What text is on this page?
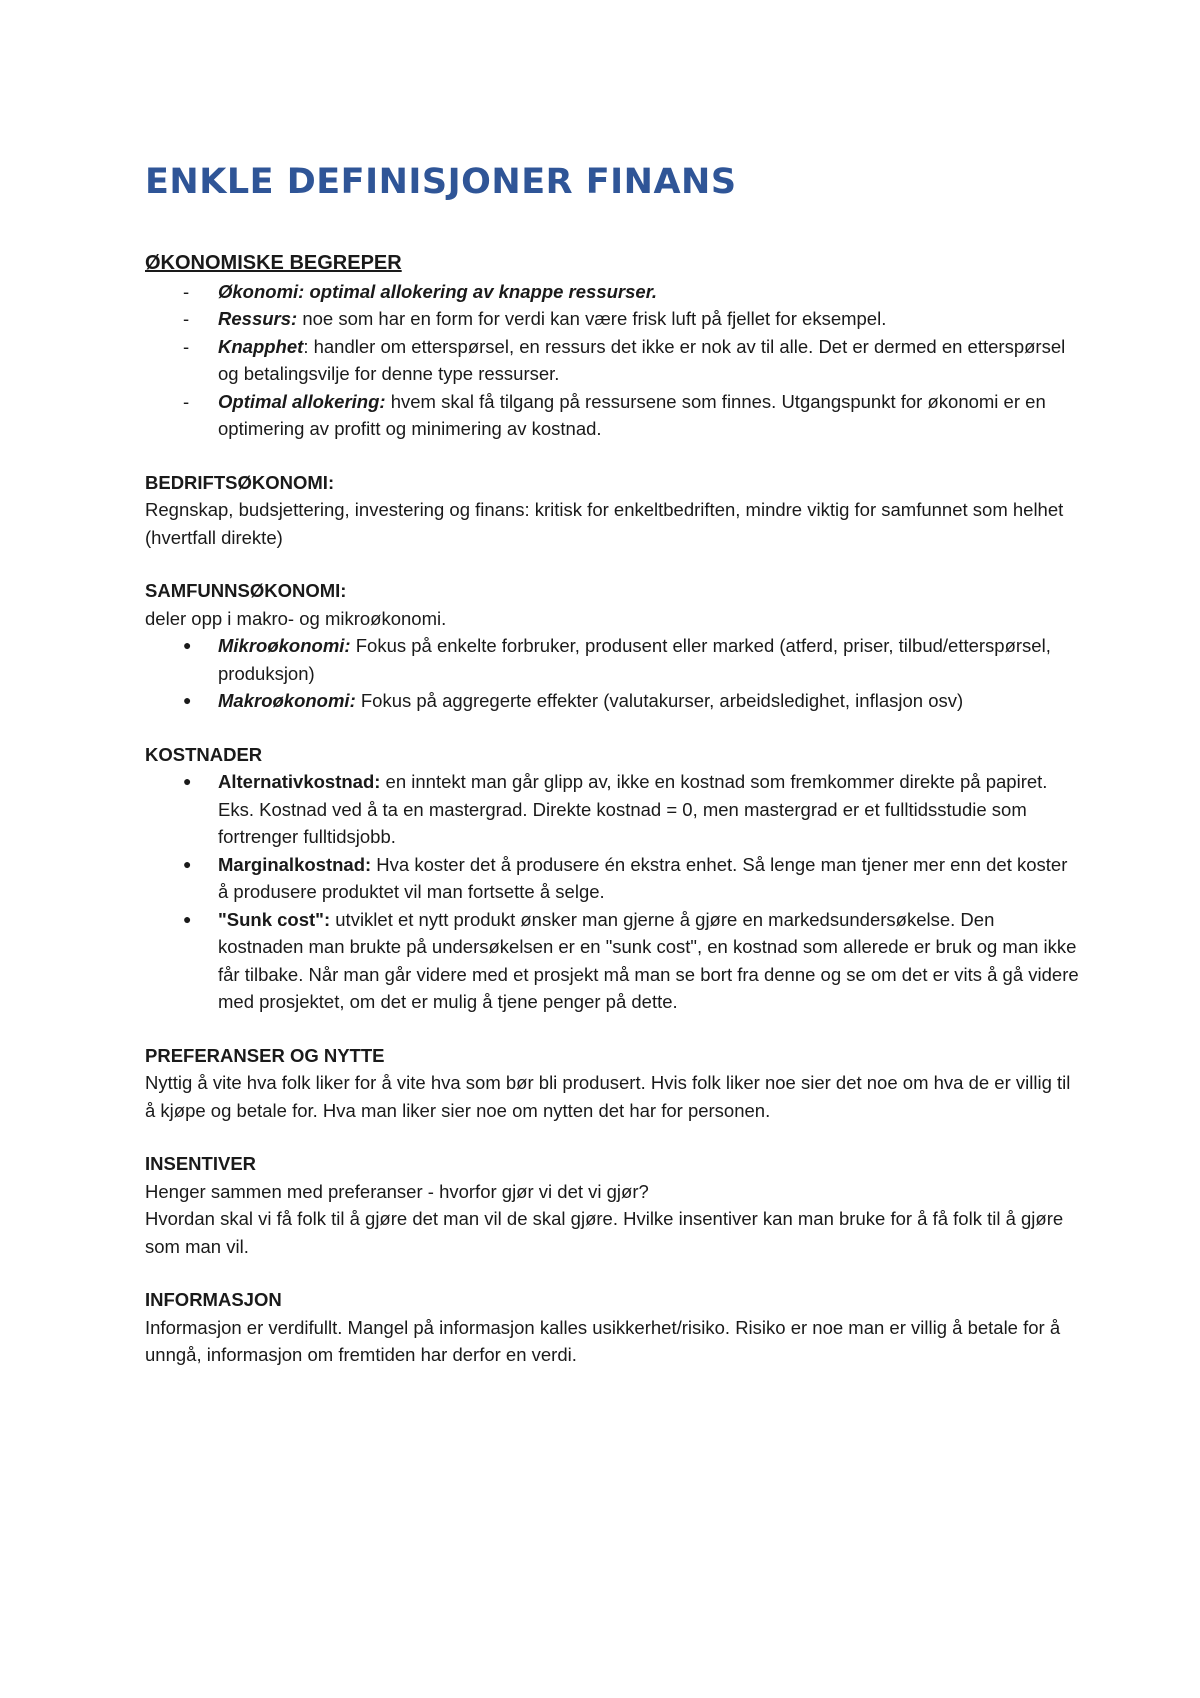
ENKLE DEFINISJONER FINANS
ØKONOMISKE BEGREPER
- Økonomi: optimal allokering av knappe ressurser.
- Ressurs: noe som har en form for verdi kan være frisk luft på fjellet for eksempel.
- Knapphet: handler om etterspørsel, en ressurs det ikke er nok av til alle. Det er dermed en etterspørsel og betalingsvilje for denne type ressurser.
- Optimal allokering: hvem skal få tilgang på ressursene som finnes. Utgangspunkt for økonomi er en optimering av profitt og minimering av kostnad.
BEDRIFTSØKONOMI:

Regnskap, budsjettering, investering og finans: kritisk for enkeltbedriften, mindre viktig for samfunnet som helhet (hvertfall direkte)

SAMFUNNSØKONOMI:

deler opp i makro- og mikroøkonomi.

● Mikroøkonomi: Fokus på enkelte forbruker, produsent eller marked (atferd, priser, tilbud/etterspørsel, produksjon)
● Makroøkonomi: Fokus på aggregerte effekter (valutakurser, arbeidsledighet, inflasjon osv)
KOSTNADER
● Alternativkostnad: en inntekt man går glipp av, ikke en kostnad som fremkommer direkte på papiret. Eks. Kostnad ved å ta en mastergrad. Direkte kostnad = 0, men mastergrad er et fulltidsstudie som fortrenger fulltidsjobb.
● Marginalkostnad: Hva koster det å produsere én ekstra enhet. Så lenge man tjener mer enn det koster å produsere produktet vil man fortsette å selge.
● "Sunk cost": utviklet et nytt produkt ønsker man gjerne å gjøre en markedsundersøkelse. Den kostnaden man brukte på undersøkelsen er en "sunk cost", en kostnad som allerede er bruk og man ikke får tilbake. Når man går videre med et prosjekt må man se bort fra denne og se om det er vits å gå videre med prosjektet, om det er mulig å tjene penger på dette.
PREFERANSER OG NYTTE

Nyttig å vite hva folk liker for å vite hva som bør bli produsert. Hvis folk liker noe sier det noe om hva de er villig til å kjøpe og betale for. Hva man liker sier noe om nytten det har for personen.

INSENTIVER

Henger sammen med preferanser - hvorfor gjør vi det vi gjør?

Hvordan skal vi få folk til å gjøre det man vil de skal gjøre. Hvilke insentiver kan man bruke for å få folk til å gjøre som man vil.

INFORMASJON

Informasjon er verdifullt. Mangel på informasjon kalles usikkerhet/risiko. Risiko er noe man er villig å betale for å unngå, informasjon om fremtiden har derfor en verdi.
